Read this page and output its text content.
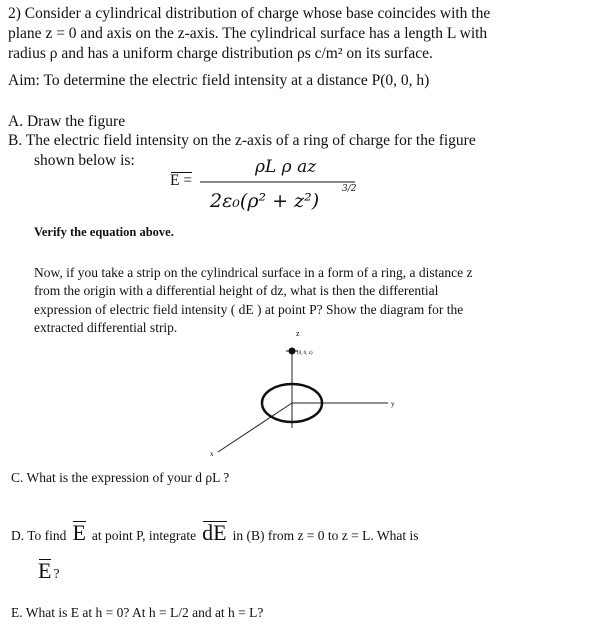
2) Consider a cylindrical distribution of charge whose base coincides with the
plane z = 0 and axis on the z-axis. The cylindrical surface has a length L with
radius ρ and has a uniform charge distribution ρs c/m² on its surface.
Aim: To determine the electric field intensity at a distance P(0, 0, h)
A. Draw the figure
B. The electric field intensity on the z-axis of a ring of charge for the figure
shown below is:
E =
ρL ρ az
2ε₀(ρ² + z²)
3/2
Verify the equation above.
Now, if you take a strip on the cylindrical surface in a form of a ring, a distance z
from the origin with a differential height of dz, what is then the differential
expression of electric field intensity ( dE ) at point P? Show the diagram for the
extracted differential strip.	z
(0, 0, z)
y
x
C. What is the expression of your d ρL ?
D. To find E at point P, integrate dE in (B) from z = 0 to z = L. What is
E ?
E. What is E at h = 0? At h = L/2 and at h = L?
